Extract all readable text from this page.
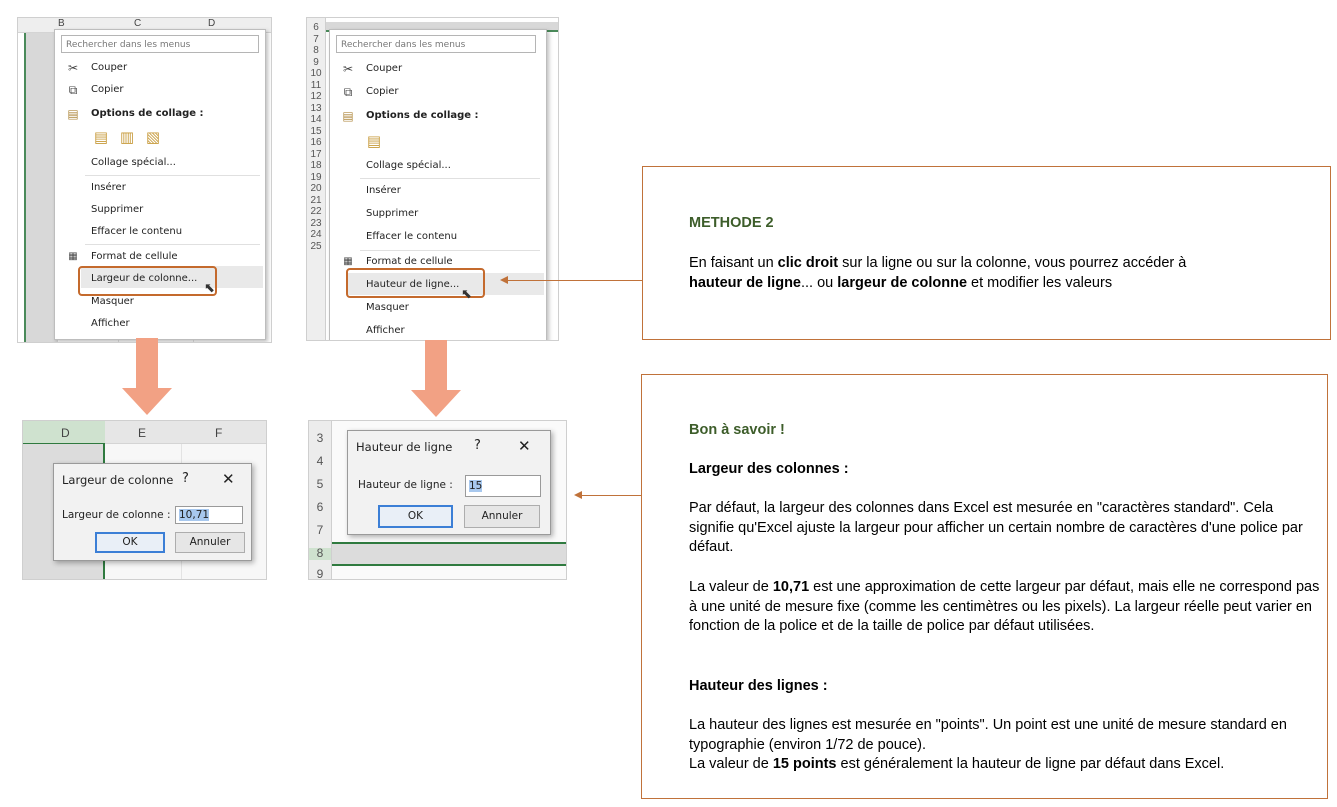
B	C	D
Rechercher dans les menus
✂ Couper
⧉	Copier
▤ Options de collage :
▤ ▥ ▧
Collage spécial...
Insérer
Supprimer
Effacer le contenu
▦	Format de cellule
Largeur de colonne...
Masquer
Afficher
⬉
6
7
8
9
10
11
12
13
14
15
16
17
18
19
20
21
22
23
24
25
Rechercher dans les menus
✂ Couper
⧉	Copier
▤ Options de collage :
▤
Collage spécial...
Insérer
Supprimer
Effacer le contenu
▦	Format de cellule
Hauteur de ligne...
Masquer
Afficher
⬉
D	E	F
Largeur de colonne ? ✕
Largeur de colonne : 10,71
OK	Annuler
3
4
5
6
7
8
9
Hauteur de ligne ? ✕
Hauteur de ligne :	15
OK	Annuler
METHODE 2

En faisant un clic droit sur la ligne ou sur la colonne, vous pourrez accéder à
hauteur de ligne... ou largeur de colonne et modifier les valeurs

Bon à savoir !

Largeur des colonnes :

Par défaut, la largeur des colonnes dans Excel est mesurée en "caractères standard". Cela signifie qu'Excel ajuste la largeur pour afficher un certain nombre de caractères d'une police par défaut.

La valeur de 10,71 est une approximation de cette largeur par défaut, mais elle ne correspond pas à une unité de mesure fixe (comme les centimètres ou les pixels). La largeur réelle peut varier en fonction de la police et de la taille de police par défaut utilisées.

Hauteur des lignes :

La hauteur des lignes est mesurée en "points". Un point est une unité de mesure standard en typographie (environ 1/72 de pouce).

La valeur de 15 points est généralement la hauteur de ligne par défaut dans Excel.
